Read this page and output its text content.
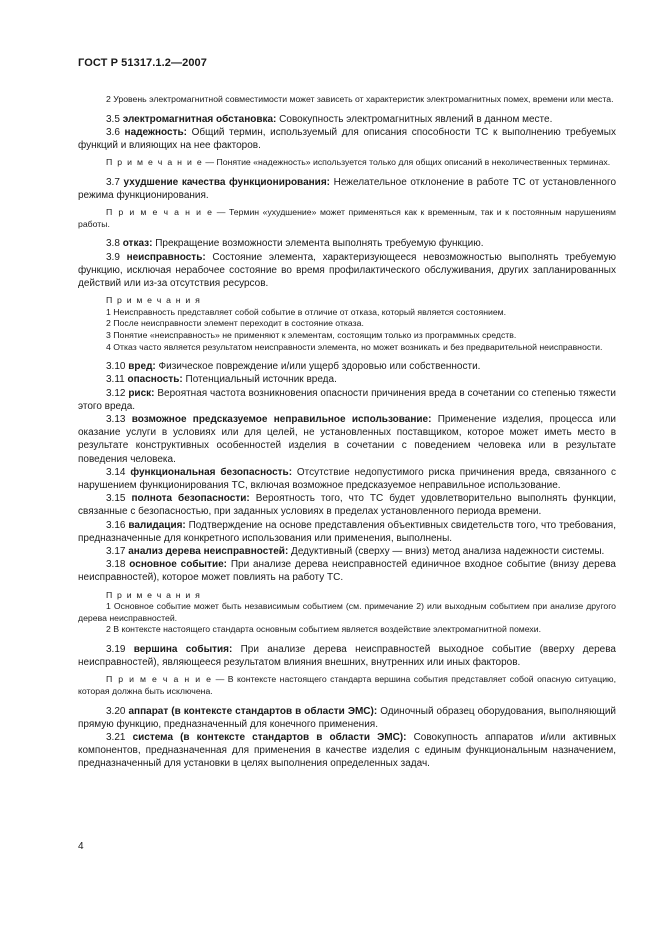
ГОСТ Р 51317.1.2—2007

2 Уровень электромагнитной совместимости может зависеть от характеристик электромагнитных помех, времени или места.

3.5 электромагнитная обстановка: Совокупность электромагнитных явлений в данном месте.

3.6 надежность: Общий термин, используемый для описания способности ТС к выполнению требуемых функций и влияющих на нее факторов.

П р и м е ч а н и е — Понятие «надежность» используется только для общих описаний в неколичественных терминах.

3.7 ухудшение качества функционирования: Нежелательное отклонение в работе ТС от установленного режима функционирования.

П р и м е ч а н и е — Термин «ухудшение» может применяться как к временным, так и к постоянным нарушениям работы.

3.8 отказ: Прекращение возможности элемента выполнять требуемую функцию.

3.9 неисправность: Состояние элемента, характеризующееся невозможностью выполнять требуемую функцию, исключая нерабочее состояние во время профилактического обслуживания, других запланированных действий или из-за отсутствия ресурсов.

П р и м е ч а н и я

1 Неисправность представляет собой событие в отличие от отказа, который является состоянием.

2 После неисправности элемент переходит в состояние отказа.

3 Понятие «неисправность» не применяют к элементам, состоящим только из программных средств.

4 Отказ часто является результатом неисправности элемента, но может возникать и без предварительной неисправности.

3.10 вред: Физическое повреждение и/или ущерб здоровью или собственности.

3.11 опасность: Потенциальный источник вреда.

3.12 риск: Вероятная частота возникновения опасности причинения вреда в сочетании со степенью тяжести этого вреда.

3.13 возможное предсказуемое неправильное использование: Применение изделия, процесса или оказание услуги в условиях или для целей, не установленных поставщиком, которое может иметь место в результате конструктивных особенностей изделия в сочетании с поведением человека или в результате поведения человека.

3.14 функциональная безопасность: Отсутствие недопустимого риска причинения вреда, связанного с нарушением функционирования ТС, включая возможное предсказуемое неправильное использование.

3.15 полнота безопасности: Вероятность того, что ТС будет удовлетворительно выполнять функции, связанные с безопасностью, при заданных условиях в пределах установленного периода времени.

3.16 валидация: Подтверждение на основе представления объективных свидетельств того, что требования, предназначенные для конкретного использования или применения, выполнены.

3.17 анализ дерева неисправностей: Дедуктивный (сверху — вниз) метод анализа надежности системы.

3.18 основное событие: При анализе дерева неисправностей единичное входное событие (внизу дерева неисправностей), которое может повлиять на работу ТС.

П р и м е ч а н и я

1 Основное событие может быть независимым событием (см. примечание 2) или выходным событием при анализе другого дерева неисправностей.

2 В контексте настоящего стандарта основным событием является воздействие электромагнитной помехи.

3.19 вершина события: При анализе дерева неисправностей выходное событие (вверху дерева неисправностей), являющееся результатом влияния внешних, внутренних или иных факторов.

П р и м е ч а н и е — В контексте настоящего стандарта вершина события представляет собой опасную ситуацию, которая должна быть исключена.

3.20 аппарат (в контексте стандартов в области ЭМС): Одиночный образец оборудования, выполняющий прямую функцию, предназначенный для конечного применения.

3.21 система (в контексте стандартов в области ЭМС): Совокупность аппаратов и/или активных компонентов, предназначенная для применения в качестве изделия с единым функциональным назначением, предназначенный для установки в целях выполнения определенных задач.

4
